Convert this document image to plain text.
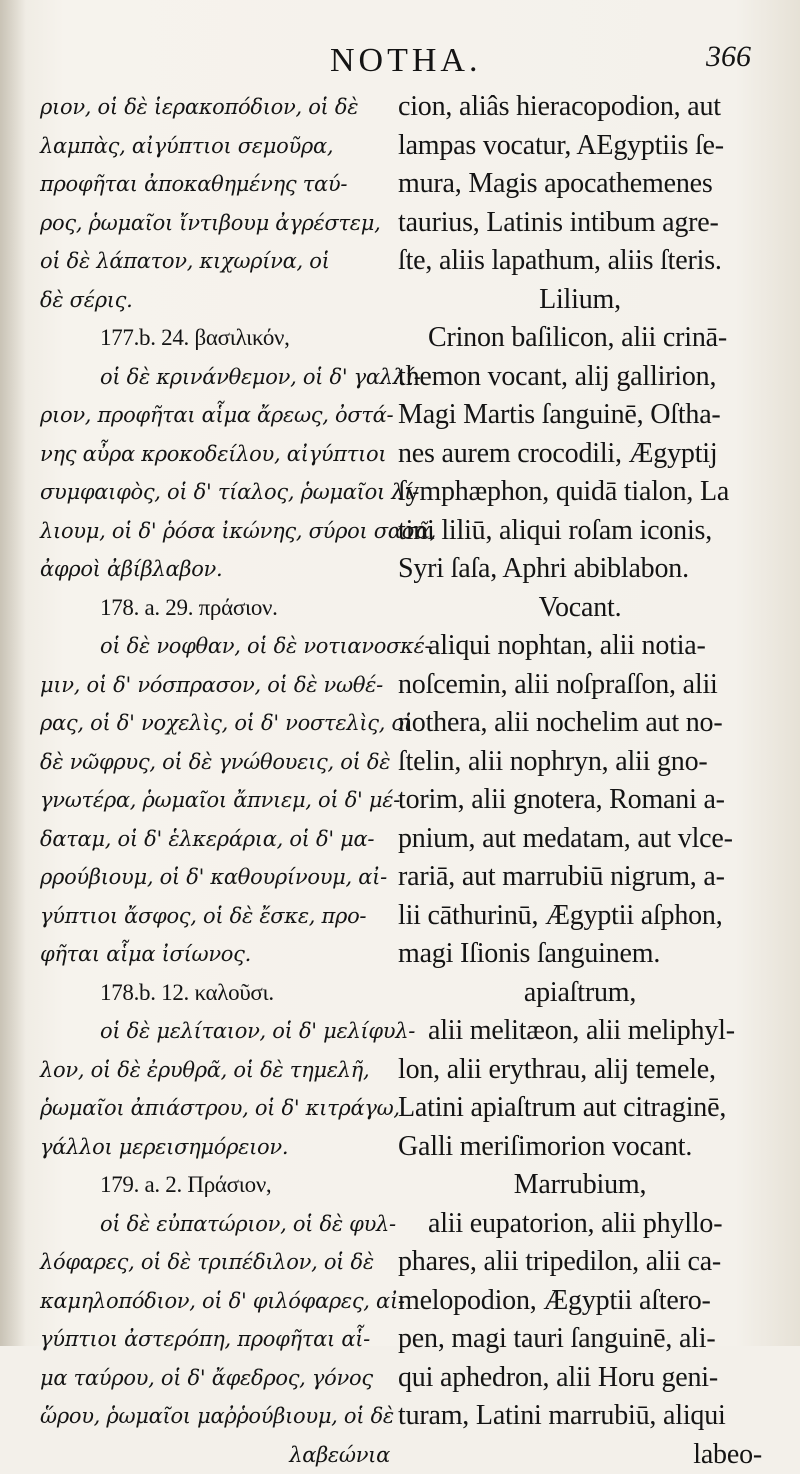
NOTHA.	366
ριον, οἱ δὲ ἱερακοπόδιον, οἱ δὲ
λαμπὰς, αἰγύπτιοι σεμοῦρα,
προφῆται ἀποκαθημένης ταύ-
ρος, ῥωμαῖοι ἴντιβουμ ἀγρέστεμ,
οἱ δὲ λάπατον, κιχωρίνα, οἱ
δὲ σέρις.
177.b. 24. βασιλικόν,
οἱ δὲ κρινάνθεμον, οἱ δ' γαλλί-
ριον, προφῆται αἷμα ἄρεως, ὀστά-
νης αὖρα κροκοδείλου, αἰγύπτιοι
συμφαιφὸς, οἱ δ' τίαλος, ῥωμαῖοι λί-
λιουμ, οἱ δ' ῥόσα ἰκώνης, σύροι σασᾶ,
ἀφροὶ ἀβίβλαβον.
178. a. 29. πράσιον.
οἱ δὲ νοφθαν, οἱ δὲ νοτιανοσκέ-
μιν, οἱ δ' νόσπρασον, οἱ δὲ νωθέ-
ρας, οἱ δ' νοχελὶς, οἱ δ' νοστελὶς, οἱ
δὲ νῶφρυς, οἱ δὲ γνώθουεις, οἱ δὲ
γνωτέρα, ῥωμαῖοι ἄπνιεμ, οἱ δ' μέ-
δαταμ, οἱ δ' ἑλκεράρια, οἱ δ' μα-
ρρούβιουμ, οἱ δ' καθουρίνουμ, αἰ-
γύπτιοι ἄσφος, οἱ δὲ ἔσκε, προ-
φῆται αἷμα ἰσίωνος.
178.b. 12. καλοῦσι.
οἱ δὲ μελίταιον, οἱ δ' μελίφυλ-
λον, οἱ δὲ ἐρυθρᾶ, οἱ δὲ τημελῆ,
ῥωμαῖοι ἀπιάστρου, οἱ δ' κιτράγω,
γάλλοι μερεισημόρειον.
179. a. 2. Πράσιον,
οἱ δὲ εὐπατώριον, οἱ δὲ φυλ-
λόφαρες, οἱ δὲ τριπέδιλον, οἱ δὲ
καμηλοπόδιον, οἱ δ' φιλόφαρες, αἰ-
γύπτιοι ἀστερόπη, προφῆται αἷ-
μα ταύρου, οἱ δ' ἄφεδρος, γόνος
ὥρου, ῥωμαῖοι μαῤῥούβιουμ, οἱ δὲ
λαβεώνια
cion, aliâs hieracopodion, aut
lampas vocatur, AEgyptiis ſe-
mura, Magis apocathemenes
taurius, Latinis intibum agre-
ſte, aliis lapathum, aliis ſteris.
Lilium,
Crinon baſilicon, alii crinā-
themon vocant, alij gallirion,
Magi Martis ſanguinē, Oſtha-
nes aurem crocodili, Ægyptij
ſymphæphon, quidā tialon, La
tini liliū, aliqui roſam iconis,
Syri ſaſa, Aphri abiblabon.
Vocant.
aliqui nophtan, alii notia-
noſcemin, alii noſpraſſon, alii
nothera, alii nochelim aut no-
ſtelin, alii nophryn, alii gno-
torim, alii gnotera, Romani a-
pnium, aut medatam, aut vlce-
rariā, aut marrubiū nigrum, a-
lii cāthurinū, Ægyptii aſphon,
magi Iſionis ſanguinem.
apiaſtrum,
alii melitæon, alii meliphyl-
lon, alii erythrau, alij temele,
Latini apiaſtrum aut citraginē,
Galli meriſimorion vocant.
Marrubium,
alii eupatorion, alii phyllo-
phares, alii tripedilon, alii ca-
melopodion, Ægyptii aſtero-
pen, magi tauri ſanguinē, ali-
qui aphedron, alii Horu geni-
turam, Latini marrubiū, aliqui
labeo-
